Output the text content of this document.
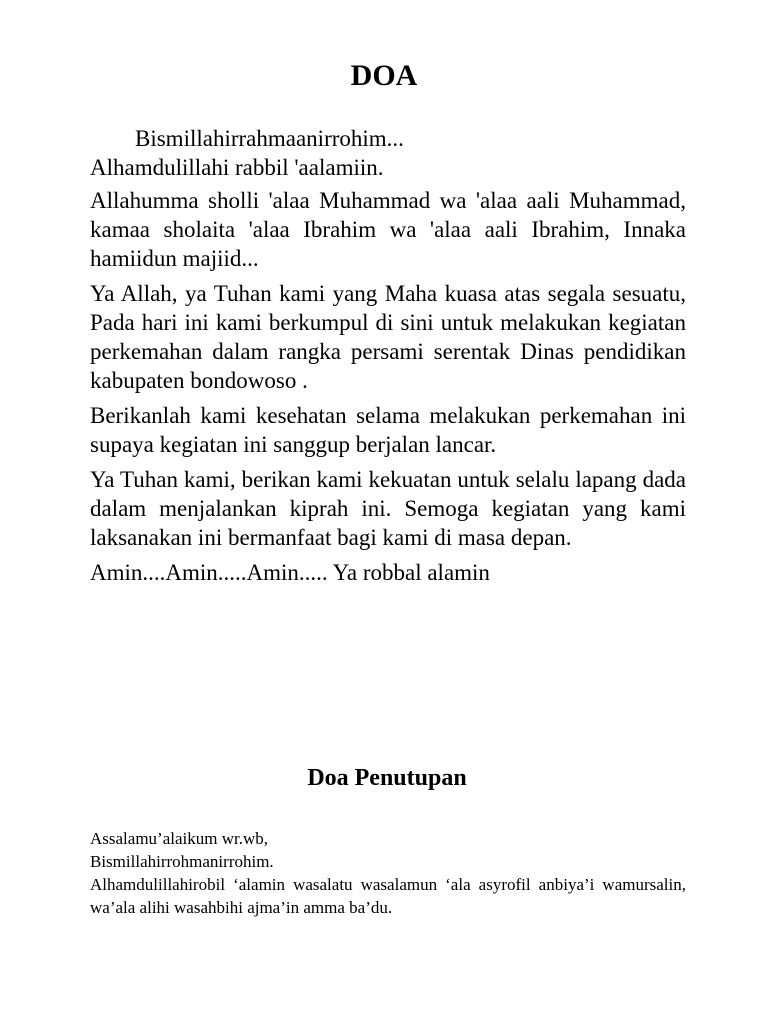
DOA

Bismillahirrahmaanirrohim...
Alhamdulillahi rabbil 'aalamiin.

Allahumma sholli 'alaa Muhammad wa 'alaa aali Muhammad, kamaa sholaita 'alaa Ibrahim wa 'alaa aali Ibrahim, Innaka hamiidun majiid...

Ya Allah, ya Tuhan kami yang Maha kuasa atas segala sesuatu, Pada hari ini kami berkumpul di sini untuk melakukan kegiatan perkemahan dalam rangka persami serentak Dinas pendidikan kabupaten bondowoso .

Berikanlah kami kesehatan selama melakukan perkemahan ini supaya kegiatan ini sanggup berjalan lancar.

Ya Tuhan kami, berikan kami kekuatan untuk selalu lapang dada dalam menjalankan kiprah ini. Semoga kegiatan yang kami laksanakan ini bermanfaat bagi kami di masa depan.

Amin....Amin.....Amin..... Ya robbal alamin

Doa Penutupan
Assalamu’alaikum wr.wb,
Bismillahirrohmanirrohim.

Alhamdulillahirobil ‘alamin wasalatu wasalamun ‘ala asyrofil anbiya’i wamursalin, wa’ala alihi wasahbihi ajma’in amma ba’du.
